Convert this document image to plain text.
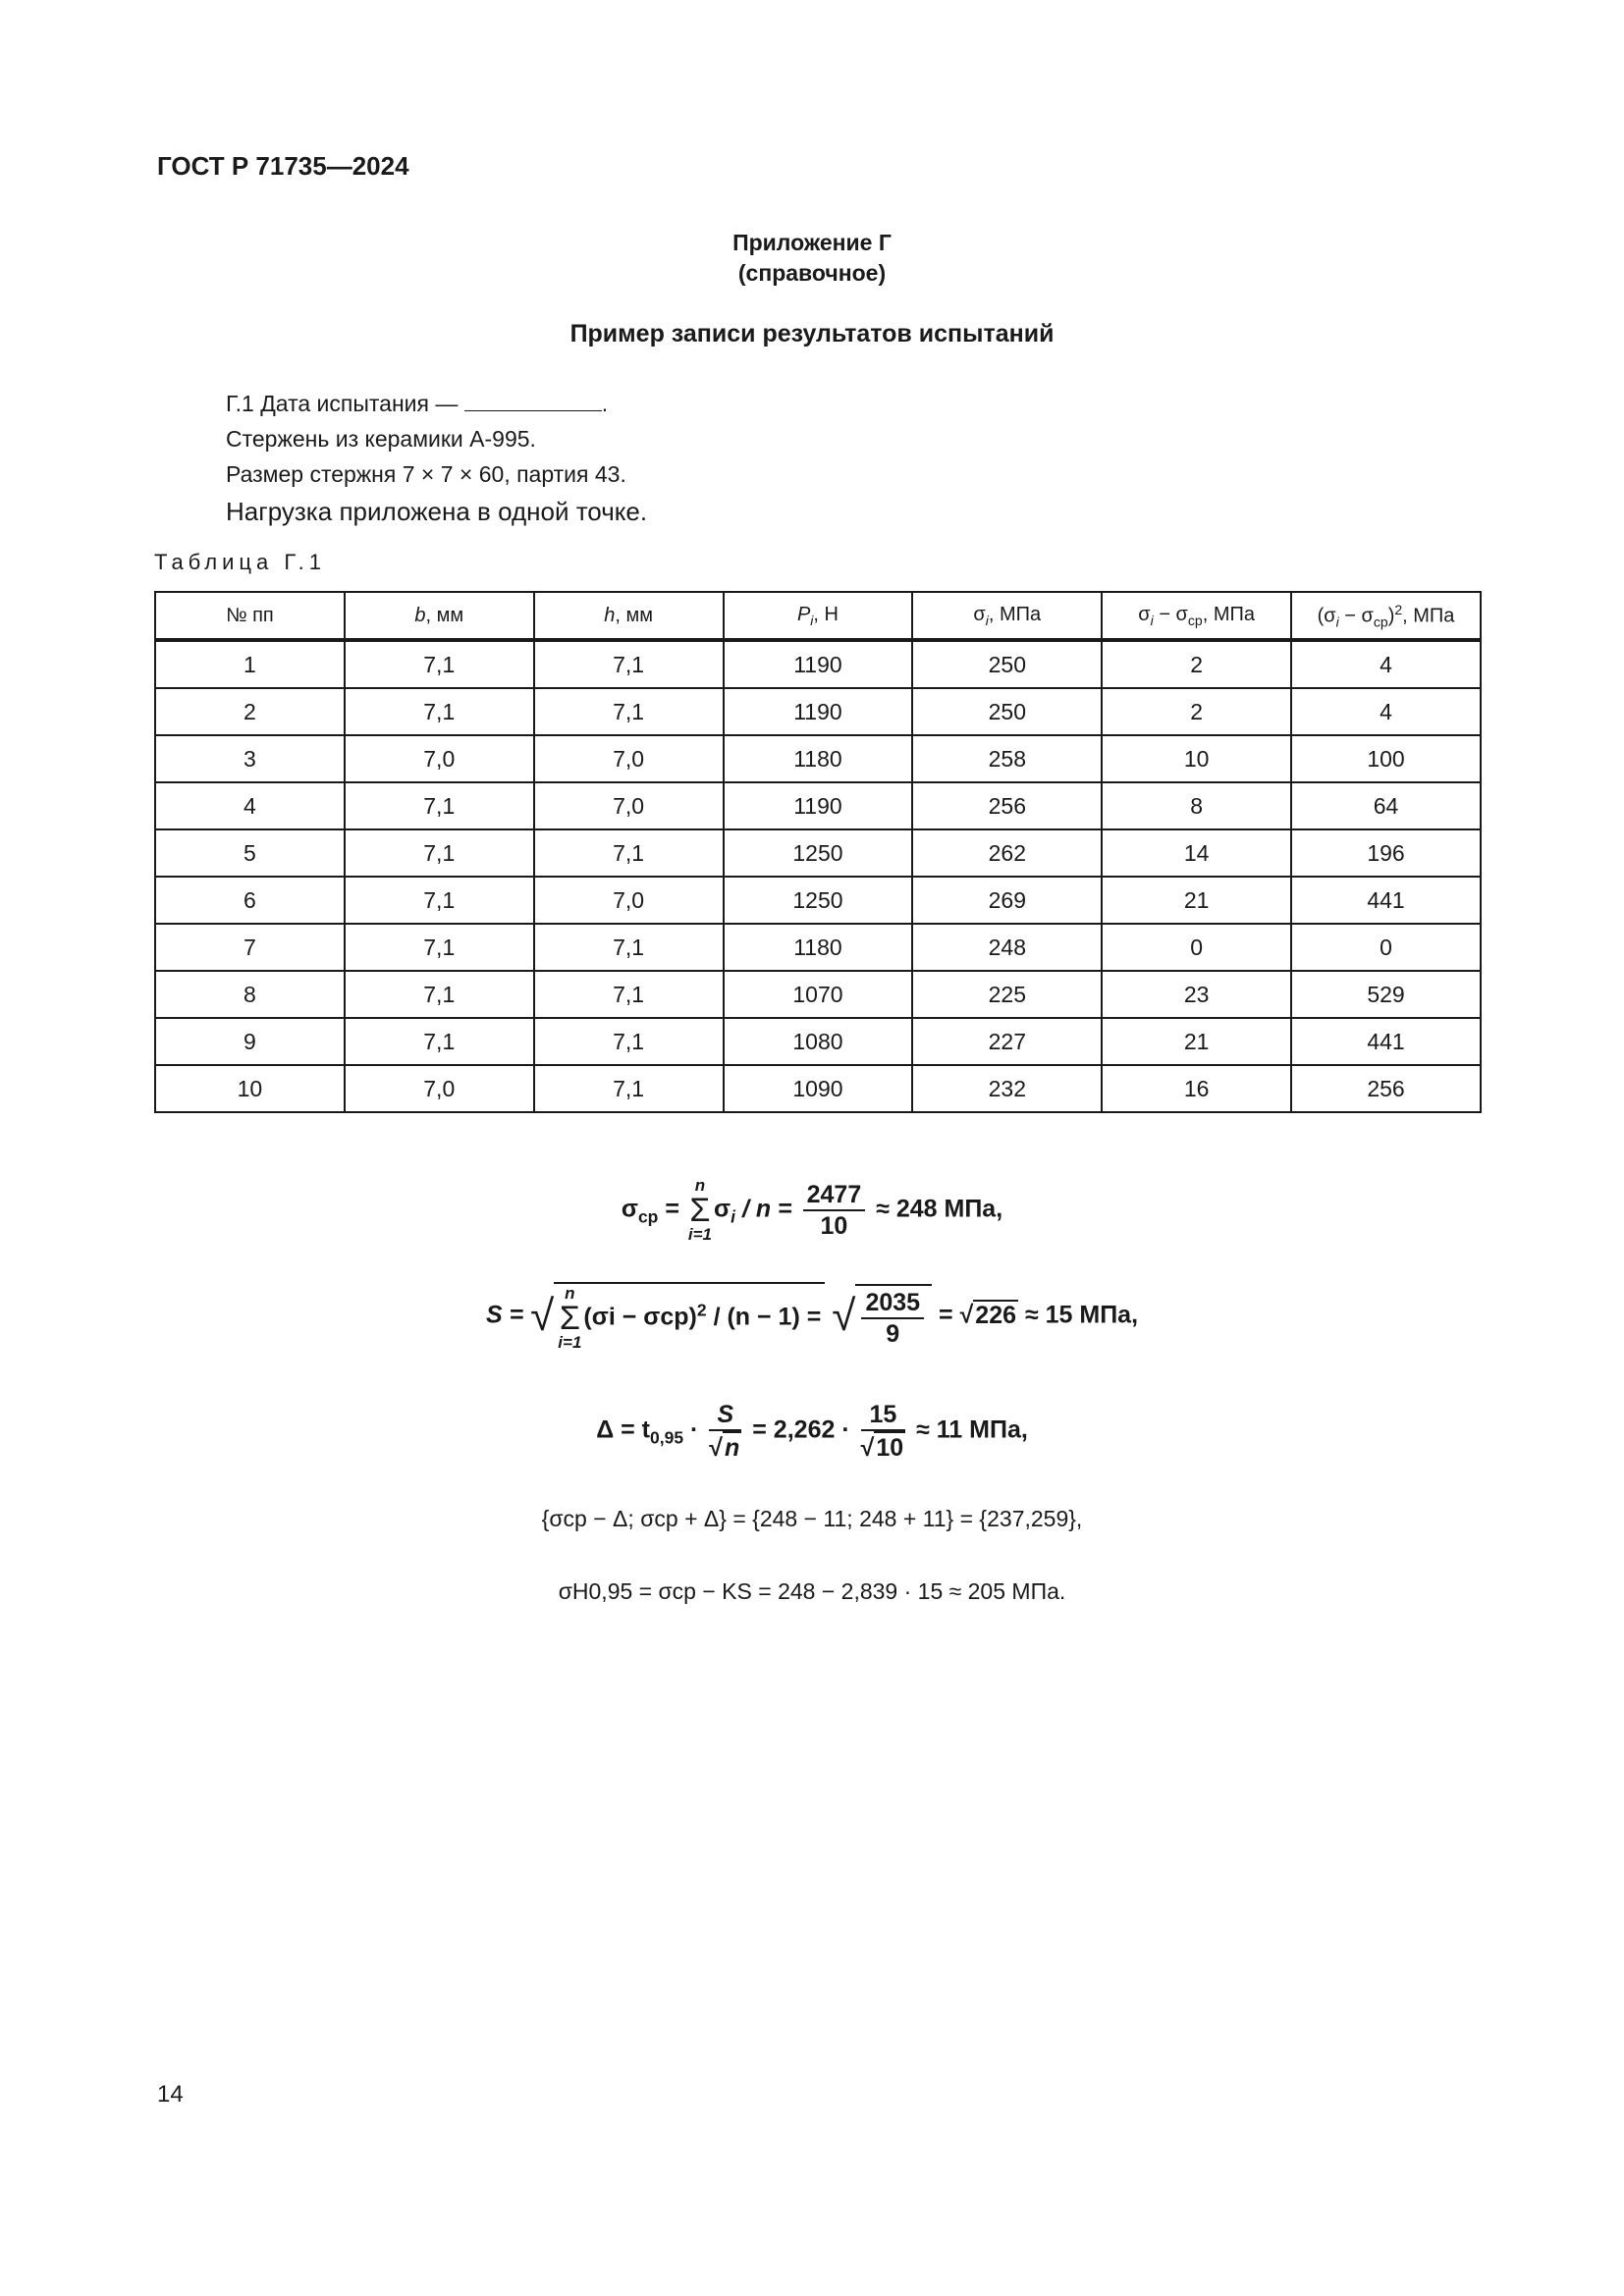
ГОСТ Р 71735—2024
Приложение Г
(справочное)
Пример записи результатов испытаний
Г.1 Дата испытания —	.
Стержень из керамики А-995.
Размер стержня 7 × 7 × 60, партия 43.
Нагрузка приложена в одной точке.
Таблица Г.1
№ пп	b, мм	h, мм	$P_i$, Н	$\sigma_i$, МПа	$\sigma_i - \sigma_{ср}$, МПа	$(\sigma_i - \sigma_{ср})^2$, МПа
1	7,1	7,1	1190	250	2	4
2	7,1	7,1	1190	250	2	4
3	7,0	7,0	1180	258	10	100
4	7,1	7,0	1190	256	8	64
5	7,1	7,1	1250	262	14	196
6	7,1	7,0	1250	269	21	441
7	7,1	7,1	1180	248	0	0
8	7,1	7,1	1070	225	23	529
9	7,1	7,1	1080	227	21	441
10	7,0	7,1	1090	232	16	256
$\sigma_{ср} = n$
Σ
$i=1\sigma_i / n = \frac{2477}{10} \approx 248$ МПа,
S = √ n
Σ
$i=1(\sigma i - \sigma ср)^2 / (n - 1)$ = √ $\frac{2035}{9} = √226 \approx 15$ МПа,
$\Delta = t_{0,95} \cdot \frac{S}{√n} = 2,262 \cdot \frac{15}{√10} \approx 11$ МПа,
{σср − Δ; σср + Δ} = {248 − 11; 248 + 11} = {237,259},
σH0,95 = σср − KS = 248 − 2,839 · 15 ≈ 205 МПа.
14
